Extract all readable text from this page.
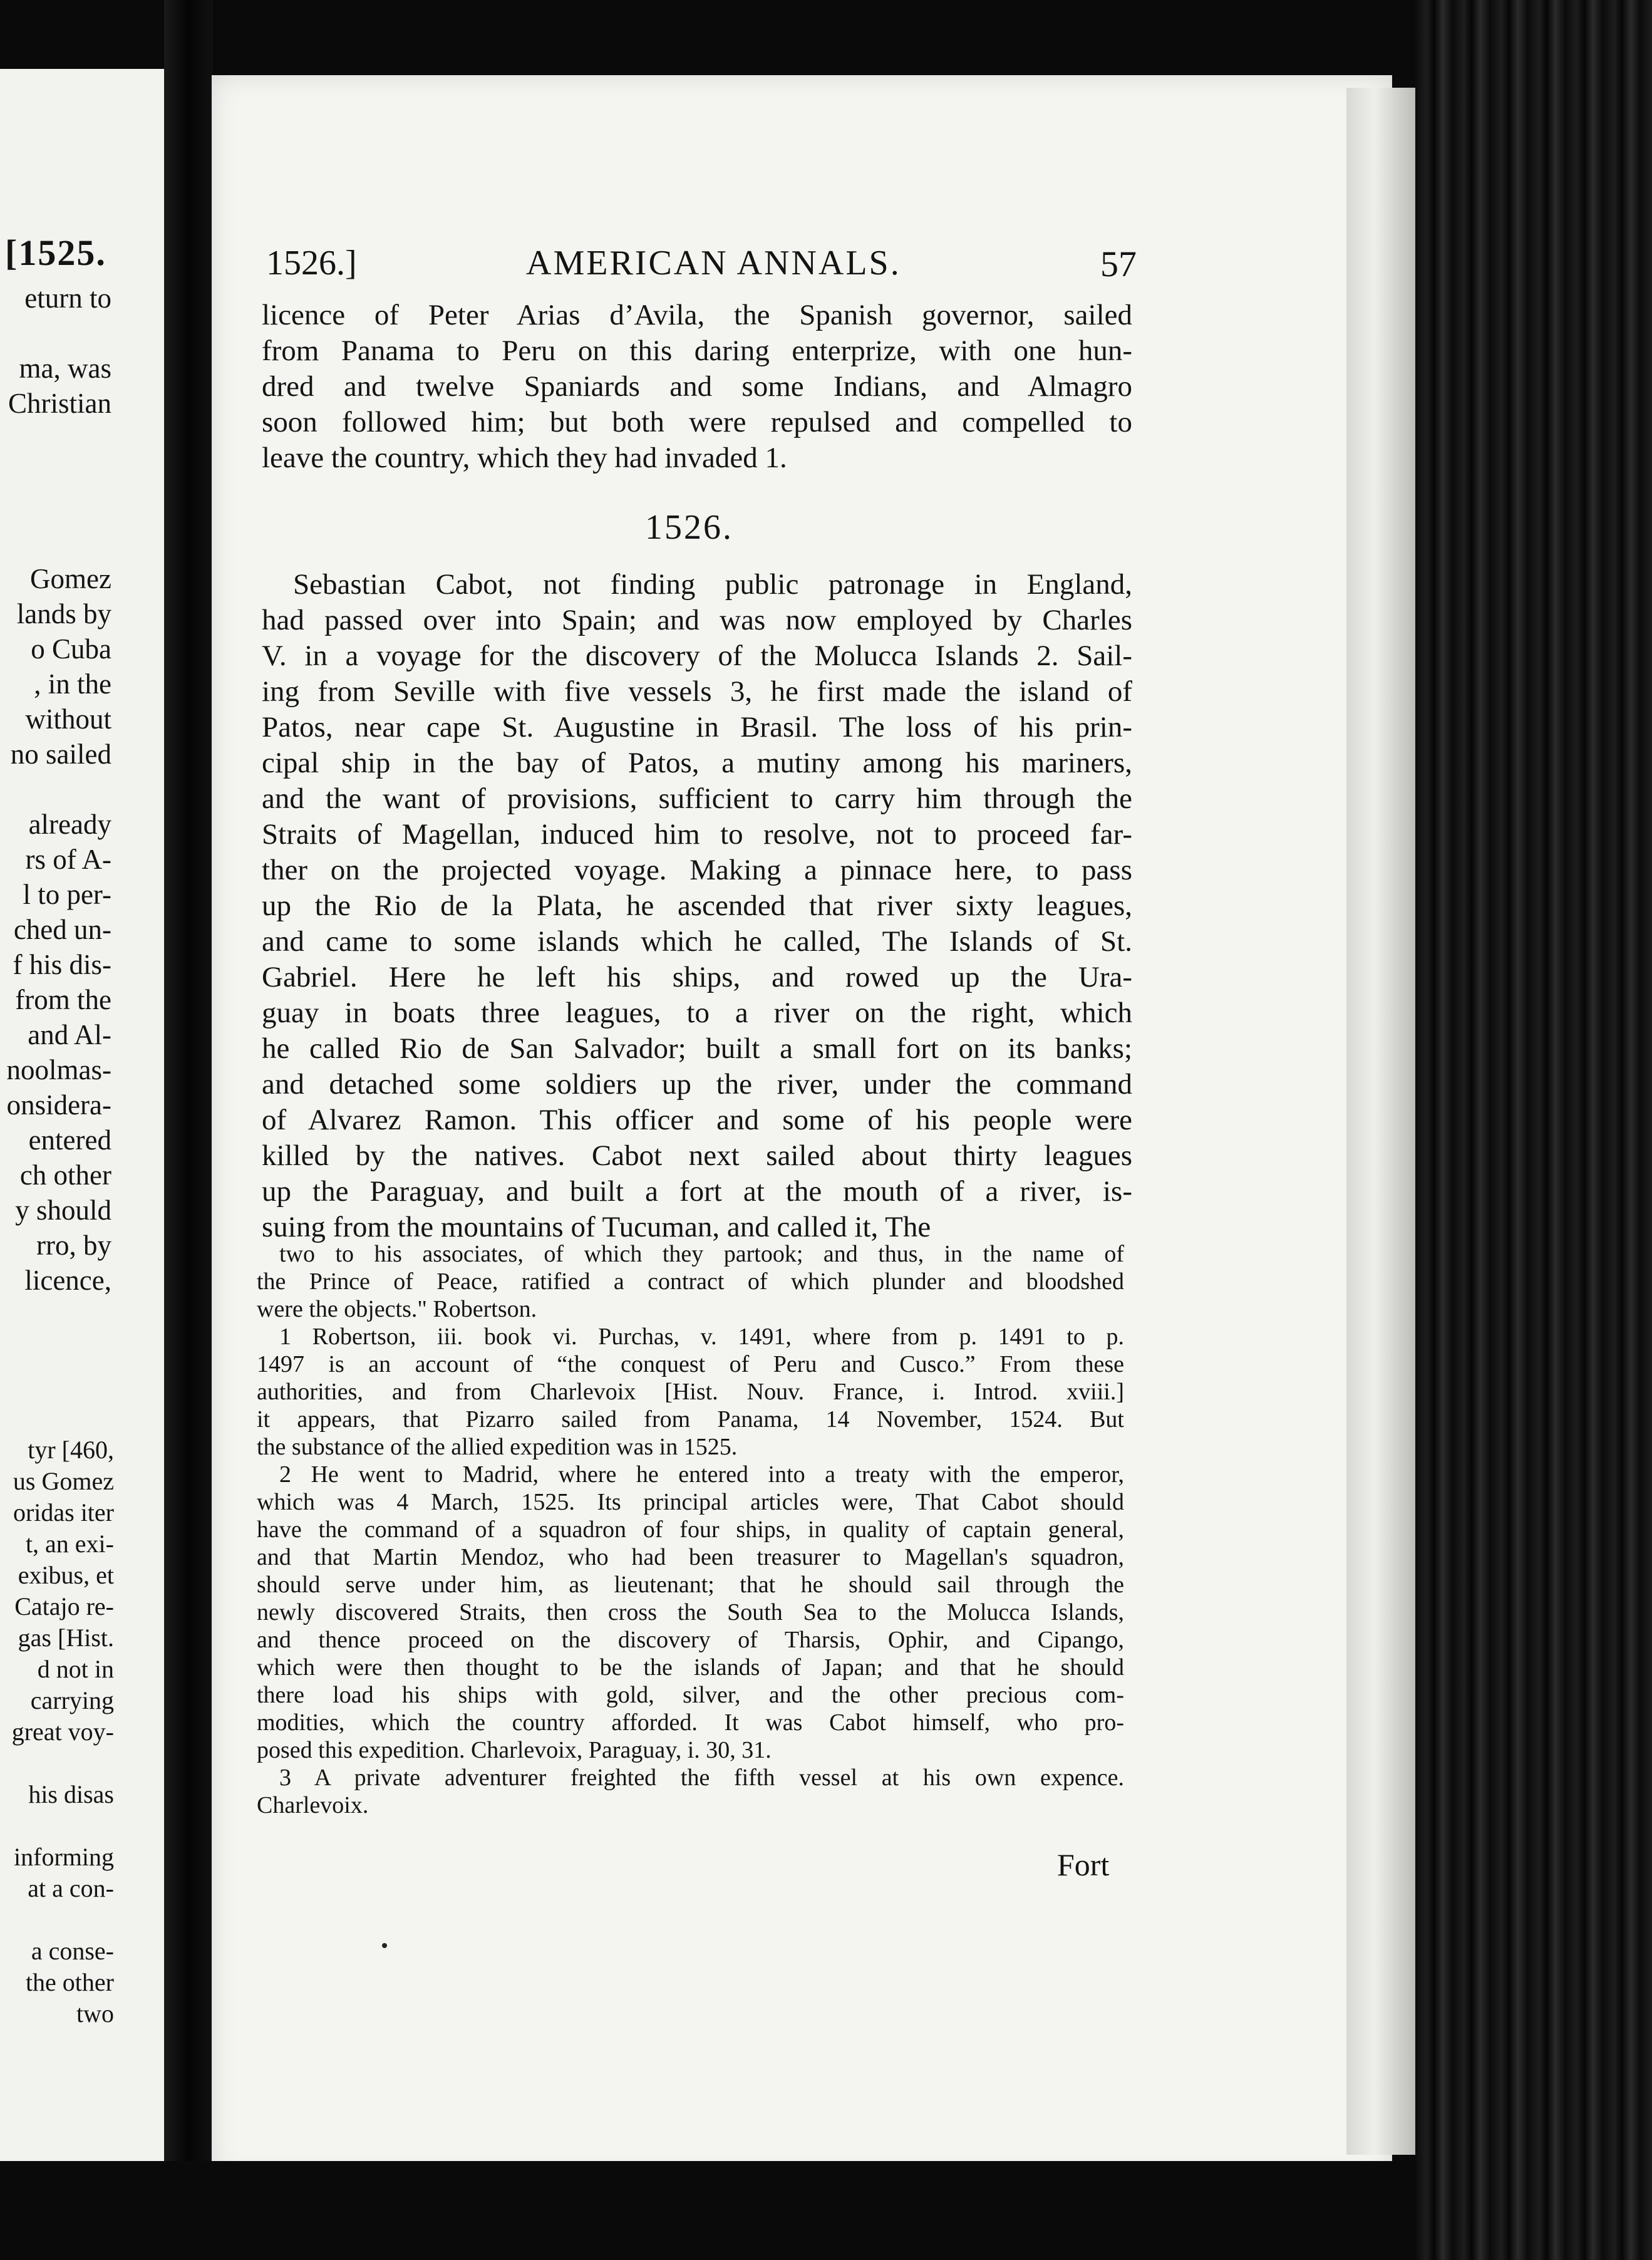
[1525.
eturn to

ma, was
Christian

Gomez
lands by
o Cuba
, in the
without
no sailed

already
rs of A-
l to per-
ched un-
f his dis-
from the
and Al-
noolmas-
onsidera-
entered
ch other
y should
rro, by
licence,
tyr [460,
us Gomez
oridas iter
t, an exi-
exibus, et
Catajo re-
gas [Hist.
d not in
carrying
great voy-

his disas

informing
at a con-

a conse-
the other
two
1526.]	AMERICAN ANNALS.	57
licence of Peter Arias d’Avila, the Spanish governor, sailed
from Panama to Peru on this daring enterprize, with one hun-
dred and twelve Spaniards and some Indians, and Almagro
soon followed him; but both were repulsed and compelled to
leave the country, which they had invaded 1.
1526.
Sebastian Cabot, not finding public patronage in England,
had passed over into Spain; and was now employed by Charles
V. in a voyage for the discovery of the Molucca Islands 2. Sail-
ing from Seville with five vessels 3, he first made the island of
Patos, near cape St. Augustine in Brasil. The loss of his prin-
cipal ship in the bay of Patos, a mutiny among his mariners,
and the want of provisions, sufficient to carry him through the
Straits of Magellan, induced him to resolve, not to proceed far-
ther on the projected voyage. Making a pinnace here, to pass
up the Rio de la Plata, he ascended that river sixty leagues,
and came to some islands which he called, The Islands of St.
Gabriel. Here he left his ships, and rowed up the Ura-
guay in boats three leagues, to a river on the right, which
he called Rio de San Salvador; built a small fort on its banks;
and detached some soldiers up the river, under the command
of Alvarez Ramon. This officer and some of his people were
killed by the natives. Cabot next sailed about thirty leagues
up the Paraguay, and built a fort at the mouth of a river, is-
suing from the mountains of Tucuman, and called it, The
two to his associates, of which they partook; and thus, in the name of
the Prince of Peace, ratified a contract of which plunder and bloodshed
were the objects." Robertson.
1 Robertson, iii. book vi. Purchas, v. 1491, where from p. 1491 to p.
1497 is an account of “the conquest of Peru and Cusco.” From these
authorities, and from Charlevoix [Hist. Nouv. France, i. Introd. xviii.]
it appears, that Pizarro sailed from Panama, 14 November, 1524. But
the substance of the allied expedition was in 1525.
2 He went to Madrid, where he entered into a treaty with the emperor,
which was 4 March, 1525. Its principal articles were, That Cabot should
have the command of a squadron of four ships, in quality of captain general,
and that Martin Mendoz, who had been treasurer to Magellan's squadron,
should serve under him, as lieutenant; that he should sail through the
newly discovered Straits, then cross the South Sea to the Molucca Islands,
and thence proceed on the discovery of Tharsis, Ophir, and Cipango,
which were then thought to be the islands of Japan; and that he should
there load his ships with gold, silver, and the other precious com-
modities, which the country afforded. It was Cabot himself, who pro-
posed this expedition. Charlevoix, Paraguay, i. 30, 31.
3 A private adventurer freighted the fifth vessel at his own expence.
Charlevoix.
Fort
